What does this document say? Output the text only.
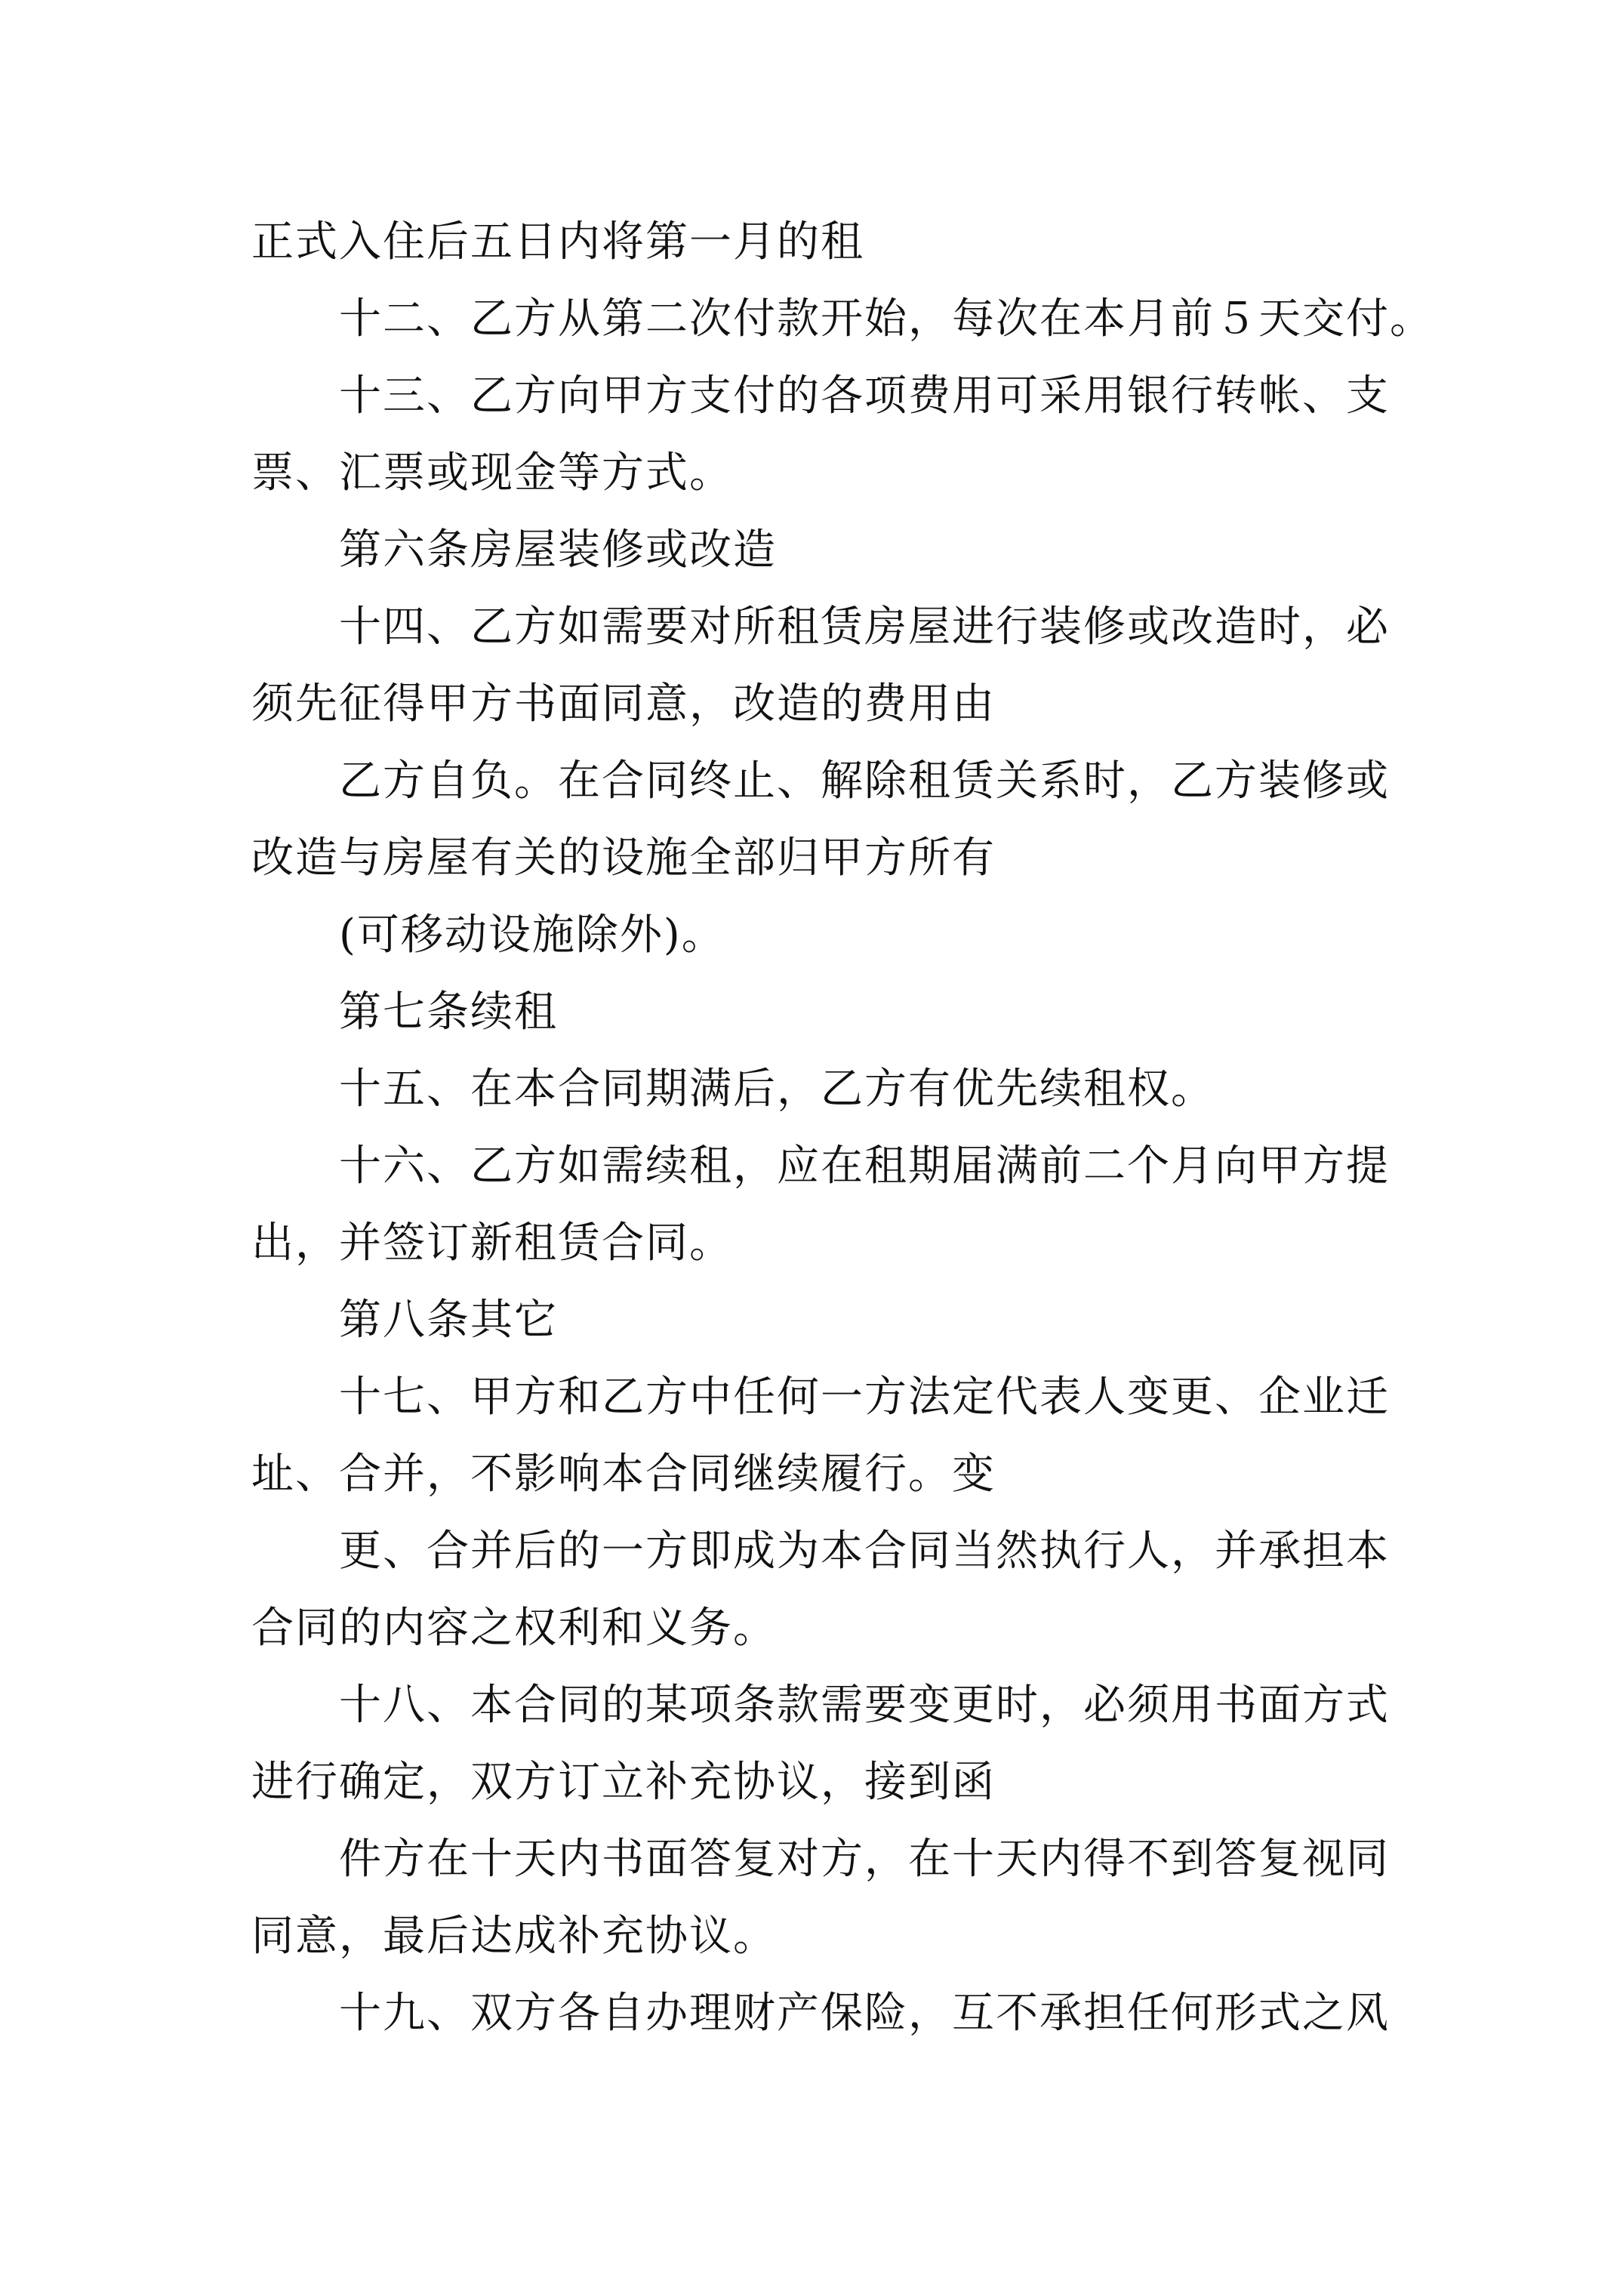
正式入住后五日内将第一月的租
十二、乙方从第二次付款开始，每次在本月前５天交付。
十三、乙方向甲方支付的各项费用可采用银行转帐、支
票、汇票或现金等方式。
第六条房屋装修或改造
十四、乙方如需要对所租赁房屋进行装修或改造时，必
须先征得甲方书面同意，改造的费用由
乙方自负。在合同终止、解除租赁关系时，乙方装修或
改造与房屋有关的设施全部归甲方所有
(可移动设施除外)。
第七条续租
十五、在本合同期满后，乙方有优先续租权。
十六、乙方如需续租，应在租期届满前二个月向甲方提
出，并签订新租赁合同。
第八条其它
十七、甲方和乙方中任何一方法定代表人变更、企业迁
址、合并，不影响本合同继续履行。变
更、合并后的一方即成为本合同当然执行人，并承担本
合同的内容之权利和义务。
十八、本合同的某项条款需要变更时，必须用书面方式
进行确定，双方订立补充协议，接到函
件方在十天内书面答复对方，在十天内得不到答复视同
同意，最后达成补充协议。
十九、双方各自办理财产保险，互不承担任何形式之风
